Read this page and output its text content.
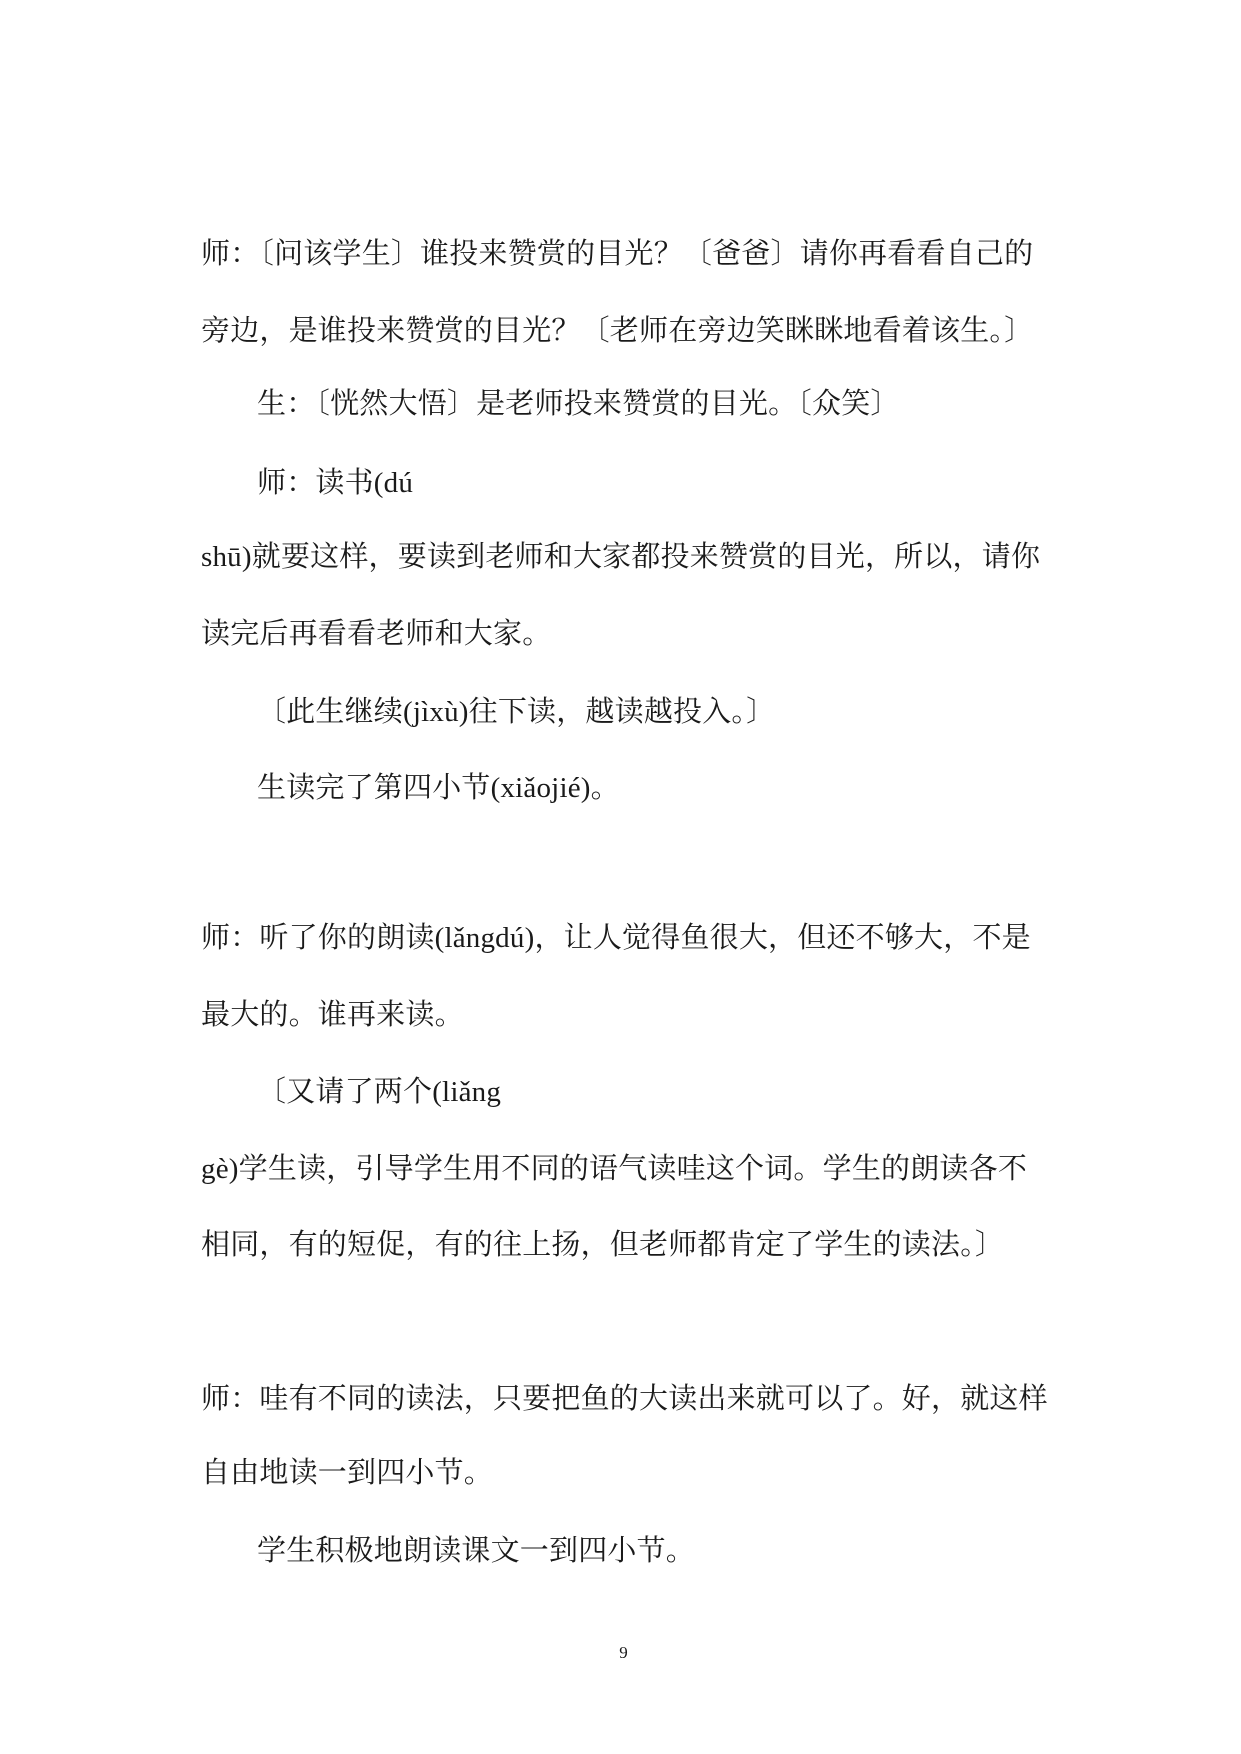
师：〔问该学生〕谁投来赞赏的目光？〔爸爸〕请你再看看自己的
旁边，是谁投来赞赏的目光？〔老师在旁边笑眯眯地看着该生。〕
生：〔恍然大悟〕是老师投来赞赏的目光。〔众笑〕
师：读书(dú
shū)就要这样，要读到老师和大家都投来赞赏的目光，所以，请你
读完后再看看老师和大家。
〔此生继续(jìxù)往下读，越读越投入。〕
生读完了第四小节(xiǎojié)。
师：听了你的朗读(lǎngdú)，让人觉得鱼很大，但还不够大，不是
最大的。谁再来读。
〔又请了两个(liǎng
gè)学生读，引导学生用不同的语气读哇这个词。学生的朗读各不
相同，有的短促，有的往上扬，但老师都肯定了学生的读法。〕
师：哇有不同的读法，只要把鱼的大读出来就可以了。好，就这样
自由地读一到四小节。
学生积极地朗读课文一到四小节。
9
